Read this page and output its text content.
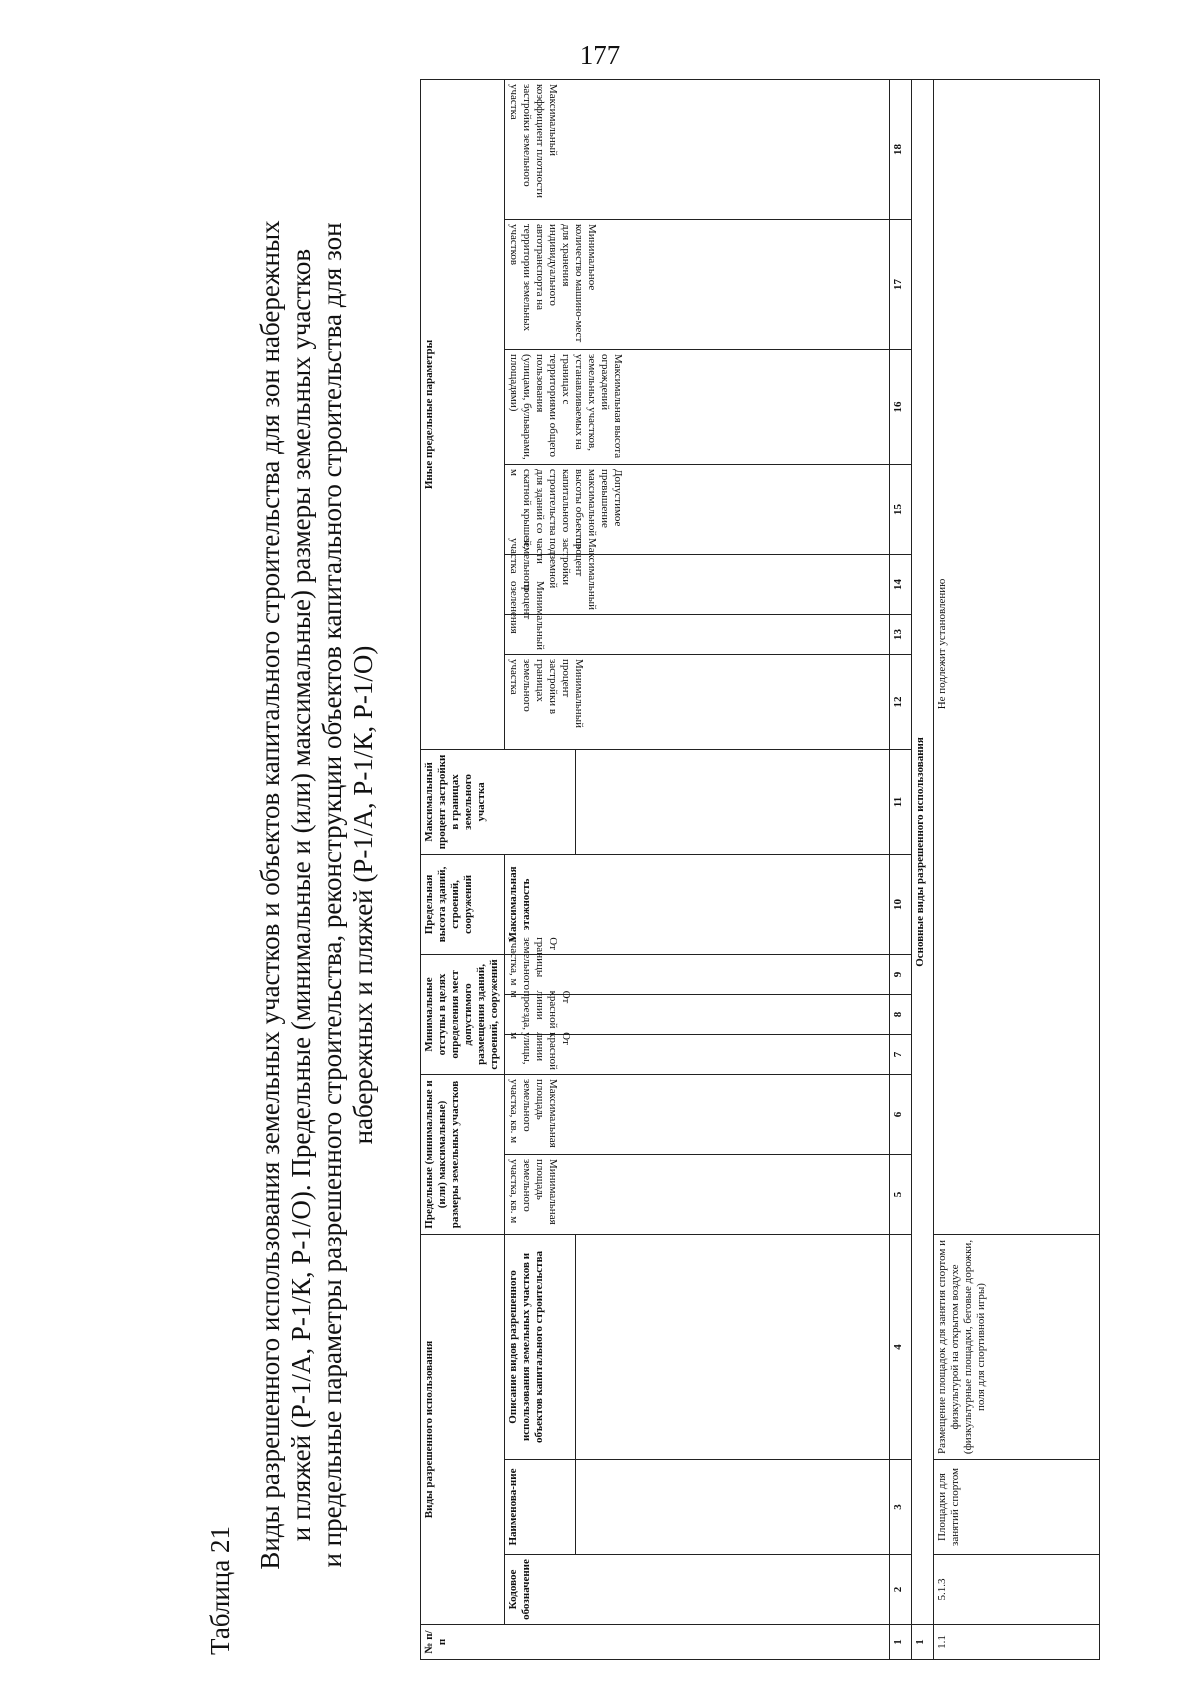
177
Таблица 21
Виды разрешенного использования земельных участков и объектов капитального строительства для зон набережных и пляжей (Р-1/А, Р-1/К, Р-1/О). Предельные (минимальные и (или) максимальные) размеры земельных участков и предельные параметры разрешенного строительства, реконструкции объектов капитального строительства для зон набережных и пляжей (Р-1/А, Р-1/К, Р-1/О)
№ п/п	Виды разрешенного использования			Предельные (минимальные и (или) максимальные) размеры земельных участков		Минимальные отступы в целях определения мест допустимого размещения зданий, строений, сооружений			Предельная высота зданий, строений, сооружений	Максимальный процент застройки в границах земельного участка	Иные предельные параметры						
	Кодовое обозначение	Наименова-ние	Описание видов разрешенного использования земельных участков и объектов капитального строительства	Минимальная площадь земельного участка, кв. м	Максимальная площадь земельного участка, кв. м	От красной линии улицы, м	От красной линии проезда, м	От границы земельного участка, м	Максимальная этажность		Минимальный процент застройки в границах земельного участка	Минимальный процент озеленения	Максимальный процент застройки подземной части земельного участка	Допустимое превышение максимальной высоты объектов капитального строительства для зданий со скатной крышей, м	Максимальная высота ограждений земельных участков, устанавливаемых на границах с территориями общего пользования (улицами, бульварами, площадями)	Минимальное количество машино-мест для хранения индивидуального автотранспорта на территории земельных участков	Максимальный коэффициент плотности застройки земельного участка

1	2	3	4	5	6	7	8	9	10	11	12	13	14	15	16	17	18
1	Основные виды разрешенного использования																
1.1	5.1.3	Площадки для занятий спортом	Размещение площадок для занятия спортом и физкультурой на открытом воздухе (физкультурные площадки, беговые дорожки, поля для спортивной игры)	Не подлежит установлению													
